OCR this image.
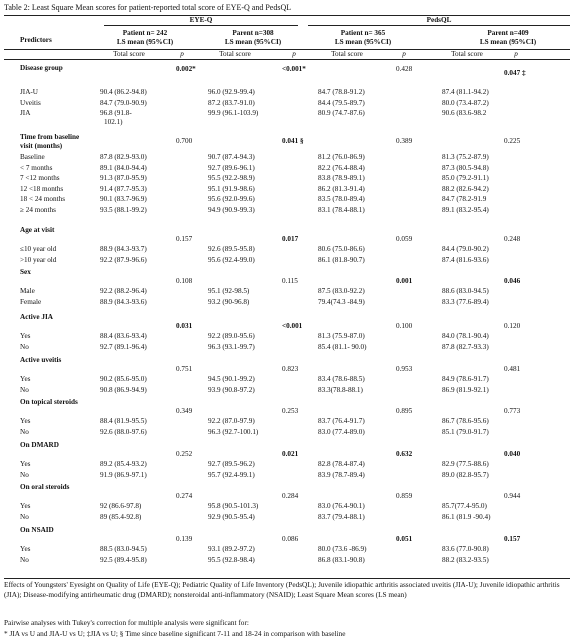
Table 2: Least Square Mean scores for patient-reported total score of EYE-Q and PedsQL
EYE-Q	PedsQL
Predictors
Patient n= 242
LS mean (95%CI)
Parent n=308
LS mean (95%CI)
Patient n= 365
LS mean (95%CI)
Parent n=409
LS mean (95%CI)
Total score	p	Total score	p	Total score	p	Total score	p
Disease group	0.002*	<0.001*	0.428	0.047 ‡
JIA-U	90.4 (86.2-94.8)	96.0 (92.9-99.4)	84.7 (78.8-91.2)	87.4 (81.1-94.2)
Uveitis	84.7 (79.0-90.9)	87.2 (83.7-91.0)	84.4 (79.5-89.7)	80.0 (73.4-87.2)
JIA	96.8 (91.8-	99.9 (96.1-103.9)	80.9 (74.7-87.6)	90.6 (83.6-98.2
102.1)
Time from baseline
visit (months)
0.700	0.041 §	0.389	0.225
Baseline	87.8 (82.9-93.0)	90.7 (87.4-94.3)	81.2 (76.0-86.9)	81.3 (75.2-87.9)
< 7 months	89.1 (84.0-94.4)	92.7 (89.6-96.1)	82.2 (76.4-88.4)	87.3 (80.5-94.8)
7 <12 months	91.3 (87.0-95.9)	95.5 (92.2-98.9)	83.8 (78.9-89.1)	85.0 (79.2-91.1)
12 <18 months	91.4 (87.7-95.3)	95.1 (91.9-98.6)	86.2 (81.3-91.4)	88.2 (82.6-94.2)
18 < 24 months	90.1 (83.7-96.9)	95.6 (92.0-99.6)	83.5 (78.0-89.4)	84.7 (78.2-91.9
≥ 24 months	93.5 (88.1-99.2)	94.9 (90.9-99.3)	83.1 (78.4-88.1)	89.1 (83.2-95.4)
Age at visit
0.157	0.017	0.059	0.248
≤10 year old	88.9 (84.3-93.7)	92.6 (89.5-95.8)	80.6 (75.0-86.6)	84.4 (79.0-90.2)
>10 year old	92.2 (87.9-96.6)	95.6 (92.4-99.0)	86.1 (81.8-90.7)	87.4 (81.6-93.6)
Sex
0.108	0.115	0.001	0.046
Male	92.2 (88.2-96.4)	95.1 (92-98.5)	87.5 (83.0-92.2)	88.6 (83.0-94.5)
Female	88.9 (84.3-93.6)	93.2 (90-96.8)	79.4(74.3 -84.9)	83.3 (77.6-89.4)
Active JIA
0.031	<0.001	0.100	0.120
Yes	88.4 (83.6-93.4)	92.2 (89.0-95.6)	81.3 (75.9-87.0)	84.0 (78.1-90.4)
No	92.7 (89.1-96.4)	96.3 (93.1-99.7)	85.4 (81.1- 90.0)	87.8 (82.7-93.3)
Active uveitis
0.751	0.823	0.953	0.481
Yes	90.2 (85.6-95.0)	94.5 (90.1-99.2)	83.4 (78.6-88.5)	84.9 (78.6-91.7)
No	90.8 (86.9-94.9)	93.9 (90.8-97.2)	83.3(78.8-88.1)	86.9 (81.9-92.1)
On topical steroids
0.349	0.253	0.895	0.773
Yes	88.4 (81.9-95.5)	92.2 (87.0-97.9)	83.7 (76.4-91.7)	86.7 (78.6-95.6)
No	92.6 (88.0-97.6)	96.3 (92.7-100.1)	83.0 (77.4-89.0)	85.1 (79.0-91.7)
On DMARD
0.252	0.021	0.632	0.040
Yes	89.2 (85.4-93.2)	92.7 (89.5-96.2)	82.8 (78.4-87.4)	82.9 (77.5-88.6)
No	91.9 (86.9-97.1)	95.7 (92.4-99.1)	83.9 (78.7-89.4)	89.0 (82.8-95.7)
On oral steroids
0.274	0.284	0.859	0.944
Yes	92 (86.6-97.8)	95.8 (90.5-101.3)	83.0 (76.4-90.1)	85.7(77.4-95.0)
No	89 (85.4-92.8)	92.9 (90.5-95.4)	83.7 (79.4-88.1)	86.1 (81.9 -90.4)
On NSAID
0.139	0.086	0.051	0.157
Yes	88.5 (83.0-94.5)	93.1 (89.2-97.2)	80.0 (73.6 -86.9)	83.6 (77.0-90.8)
No	92.5 (89.4-95.8)	95.5 (92.8-98.4)	86.8 (83.1-90.8)	88.2 (83.2-93.5)
Effects of Youngsters' Eyesight on Quality of Life (EYE-Q); Pediatric Quality of Life Inventory (PedsQL); Juvenile idiopathic arthritis associated uveitis (JIA-U); Juvenile idiopathic arthritis (JIA); Disease-modifying antirheumatic drug (DMARD); nonsteroidal anti-inflammatory (NSAID); Least Square Mean scores (LS mean)
Pairwise analyses with Tukey's correction for multiple analysis were significant for:
* JIA vs U and JIA-U vs U; ‡JIA vs U; § Time since baseline significant 7-11 and 18-24 in comparison with baseline
